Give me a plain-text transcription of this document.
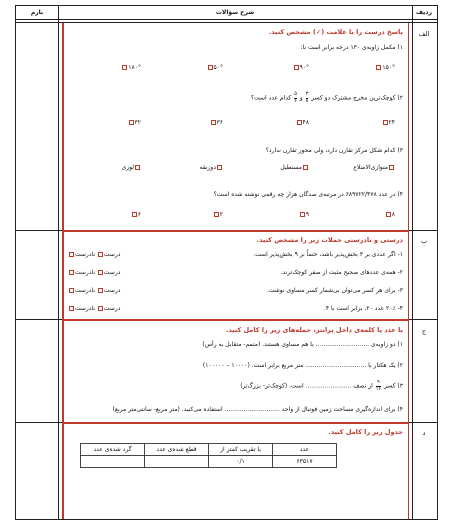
ردیف
شرح سؤالات
بارم
الف
پاسخ درست را با علامت (✓) مشخص کنید.
۱) مکمل زاویه‌ی ۱۳۰ درجه برابر است با:
۱۵۰°
۹۰°
۵۰°
۱۸۰°
۲) کوچک‌ترین مخرج مشترک دو کسر
$\frac{۳}{۸}$
و
$\frac{۵}{۶}$
کدام عدد است؟
۲۴
۴۸
۳۶
۳۲
۳) کدام شکل مرکز تقارن دارد، ولی محور تقارن ندارد؟
متوازی‌الاضلاع
مستطیل
ذوزنقه
لوزی
۴) در عدد ۶۸۹۷۲۲/۴۷۸ در مرتبه‌ی صدگان هزار چه رقمی نوشته شده است؟
۸
۹
۲
۶
ب
درستی و نادرستی جملات زیر را مشخص کنید.
۱- اگر عددی بر ۳ بخش‌پذیر باشد، حتماً بر ۹ بخش‌پذیر است.
درست نادرست
۲- همه‌ی عددهای صحیح مثبت از صفر کوچک‌ترند.
درست نادرست
۳- برای هر کسر می‌توان بی‌شمار کسر مساوی نوشت.
درست نادرست
۴- ۲۰٪ عدد ۲۰، برابر است با ۴.
درست نادرست
ج
با عدد یا کلمه‌ی داخل پرانتز، جمله‌های زیر را کامل کنید.
۱) دو زاویه‌ی ............................ با هم مساوی هستند. (متمم- متقابل به رأس)
۲) یک هکتار با ................................ متر مربع برابر است. (۱۰۰۰۰ – ۱۰۰۰۰۰)
۳) کسر
$\frac{۹}{۱۶}$
از نصف ........................ است. (کوچک‌تر- بزرگ‌تر)
۴) برای اندازه‌گیری مساحت زمین فوتبال از واحد ............................. استفاده می‌کنید. (متر مربع- سانتی‌متر مربع)
د
جدول زیر را کامل کنید.
عدد	با تقریب کمتر از	قطع شده‌ی عدد	گرد شده‌ی عدد
۶۳۵۱۷	۰/۱		
